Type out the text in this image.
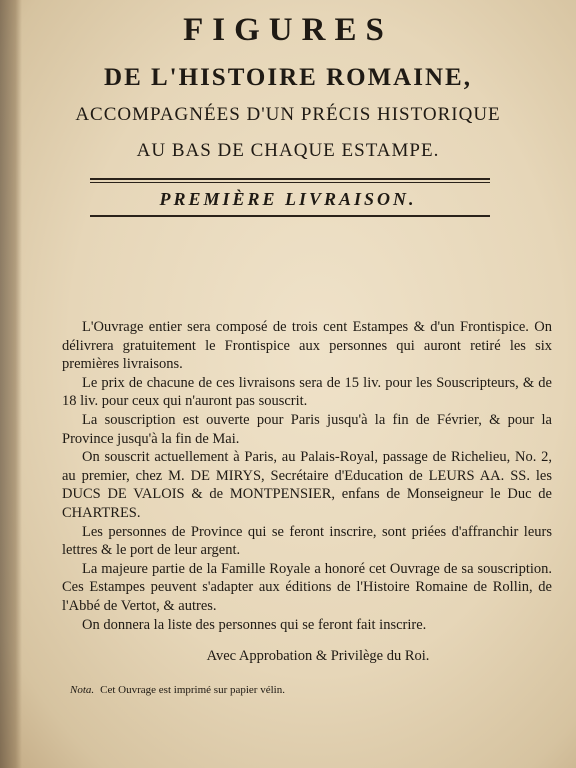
FIGURES
DE L'HISTOIRE ROMAINE,
ACCOMPAGNÉES D'UN PRÉCIS HISTORIQUE
AU BAS DE CHAQUE ESTAMPE.
PREMIÈRE LIVRAISON.

L'Ouvrage entier sera composé de trois cent Estampes & d'un Frontispice. On délivrera gratuitement le Frontispice aux personnes qui auront retiré les six premières livraisons.

Le prix de chacune de ces livraisons sera de 15 liv. pour les Souscripteurs, & de 18 liv. pour ceux qui n'auront pas souscrit.

La souscription est ouverte pour Paris jusqu'à la fin de Février, & pour la Province jusqu'à la fin de Mai.

On souscrit actuellement à Paris, au Palais-Royal, passage de Richelieu, No. 2, au premier, chez M. DE MIRYS, Secrétaire d'Education de LEURS AA. SS. les DUCS DE VALOIS & de MONTPENSIER, enfans de Monseigneur le Duc de CHARTRES.

Les personnes de Province qui se feront inscrire, sont priées d'affranchir leurs lettres & le port de leur argent.

La majeure partie de la Famille Royale a honoré cet Ouvrage de sa souscription. Ces Estampes peuvent s'adapter aux éditions de l'Histoire Romaine de Rollin, de l'Abbé de Vertot, & autres.

On donnera la liste des personnes qui se feront fait inscrire.

Avec Approbation & Privilège du Roi.
Nota. Cet Ouvrage est imprimé sur papier vélin.
